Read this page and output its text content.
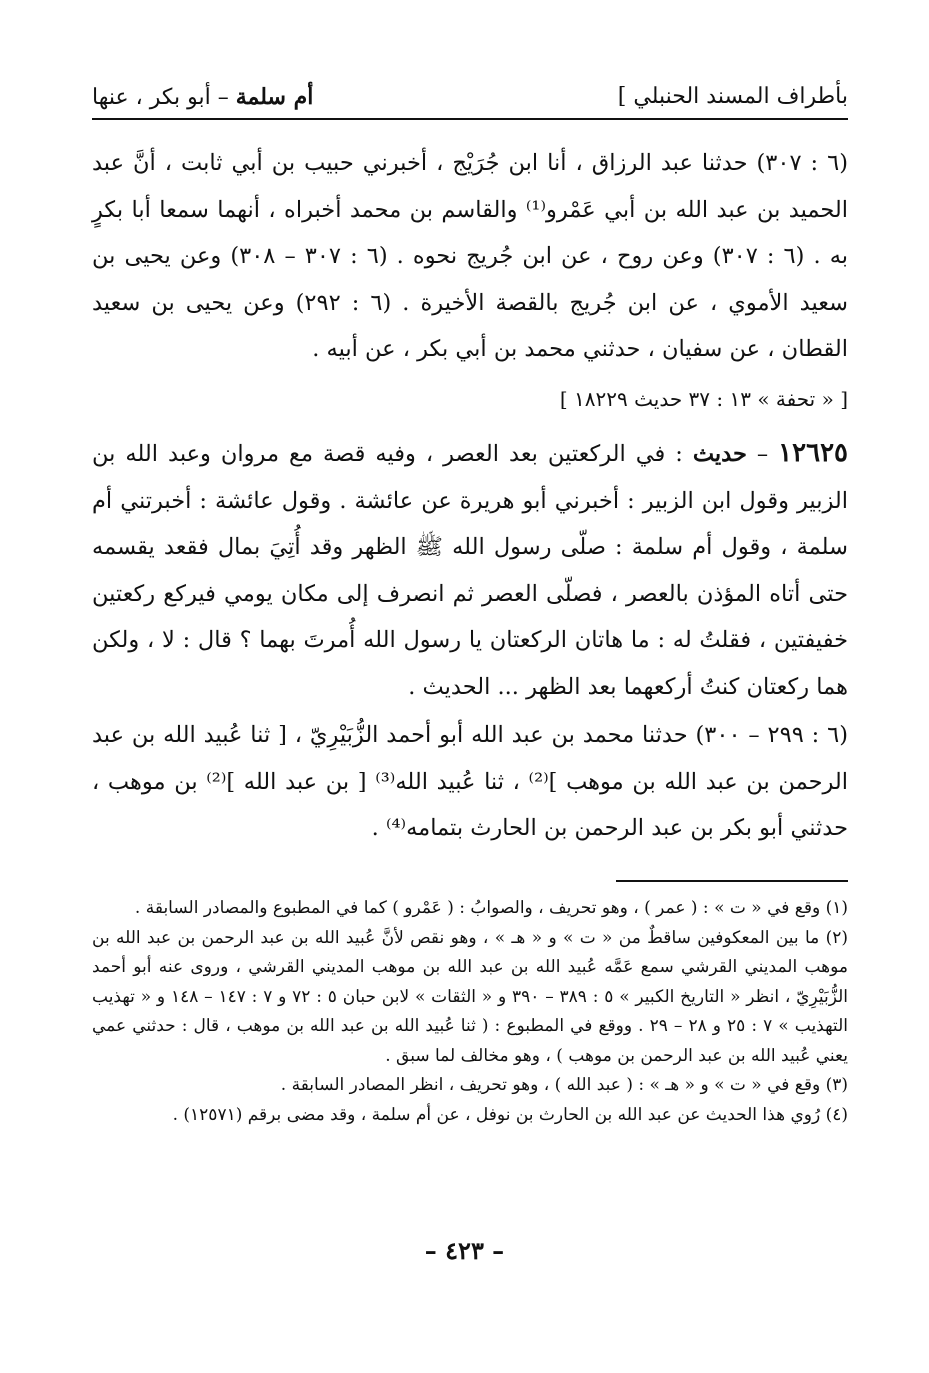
بأطراف المسند الحنبلي ]
أم سلمة – أبو بكر ، عنها

(٦ : ٣٠٧) حدثنا عبد الرزاق ، أنا ابن جُرَيْج ، أخبرني حبيب بن أبي ثابت ، أنَّ عبد الحميد بن عبد الله بن أبي عَمْرو⁽¹⁾ والقاسم بن محمد أخبراه ، أنهما سمعا أبا بكرٍ به . (٦ : ٣٠٧) وعن روح ، عن ابن جُريج نحوه . (٦ : ٣٠٧ – ٣٠٨) وعن يحيى بن سعيد الأموي ، عن ابن جُريج بالقصة الأخيرة . (٦ : ٢٩٢) وعن يحيى بن سعيد القطان ، عن سفيان ، حدثني محمد بن أبي بكر ، عن أبيه .

[ « تحفة » ١٣ : ٣٧ حديث ١٨٢٢٩ ]

١٢٦٢٥ – حديث : في الركعتين بعد العصر ، وفيه قصة مع مروان وعبد الله بن الزبير وقول ابن الزبير : أخبرني أبو هريرة عن عائشة . وقول عائشة : أخبرتني أم سلمة ، وقول أم سلمة : صلّى رسول الله ﷺ الظهر وقد أُتِيَ بمال فقعد يقسمه حتى أتاه المؤذن بالعصر ، فصلّى العصر ثم انصرف إلى مكان يومي فيركع ركعتين خفيفتين ، فقلتُ له : ما هاتان الركعتان يا رسول الله أُمرتَ بهما ؟ قال : لا ، ولكن هما ركعتان كنتُ أركعهما بعد الظهر ... الحديث .

(٦ : ٢٩٩ – ٣٠٠) حدثنا محمد بن عبد الله أبو أحمد الزُّبَيْرِيّ ، [ ثنا عُبيد الله بن عبد الرحمن بن عبد الله بن موهب ]⁽²⁾ ، ثنا عُبيد الله⁽³⁾ [ بن عبد الله ]⁽²⁾ بن موهب ، حدثني أبو بكر بن عبد الرحمن بن الحارث بتمامه⁽⁴⁾ .

(١) وقع في « ت » : ( عمر ) ، وهو تحريف ، والصوابُ : ( عَمْرو ) كما في المطبوع والمصادر السابقة .

(٢) ما بين المعكوفين ساقطٌ من « ت » و « هـ » ، وهو نقص لأنَّ عُبيد الله بن عبد الرحمن بن عبد الله بن موهب المديني القرشي سمع عَمَّه عُبيد الله بن عبد الله بن موهب المديني القرشي ، وروى عنه أبو أحمد الزُّبَيْرِيّ ، انظر « التاريخ الكبير » ٥ : ٣٨٩ – ٣٩٠ و « الثقات » لابن حبان ٥ : ٧٢ و ٧ : ١٤٧ – ١٤٨ و « تهذيب التهذيب » ٧ : ٢٥ و ٢٨ – ٢٩ . ووقع في المطبوع : ( ثنا عُبيد الله بن عبد الله بن موهب ، قال : حدثني عمي يعني عُبيد الله بن عبد الرحمن بن موهب ) ، وهو مخالف لما سبق .

(٣) وقع في « ت » و « هـ » : ( عبد الله ) ، وهو تحريف ، انظر المصادر السابقة .

(٤) رُوي هذا الحديث عن عبد الله بن الحارث بن نوفل ، عن أم سلمة ، وقد مضى برقم (١٢٥٧١) .

– ٤٢٣ –
